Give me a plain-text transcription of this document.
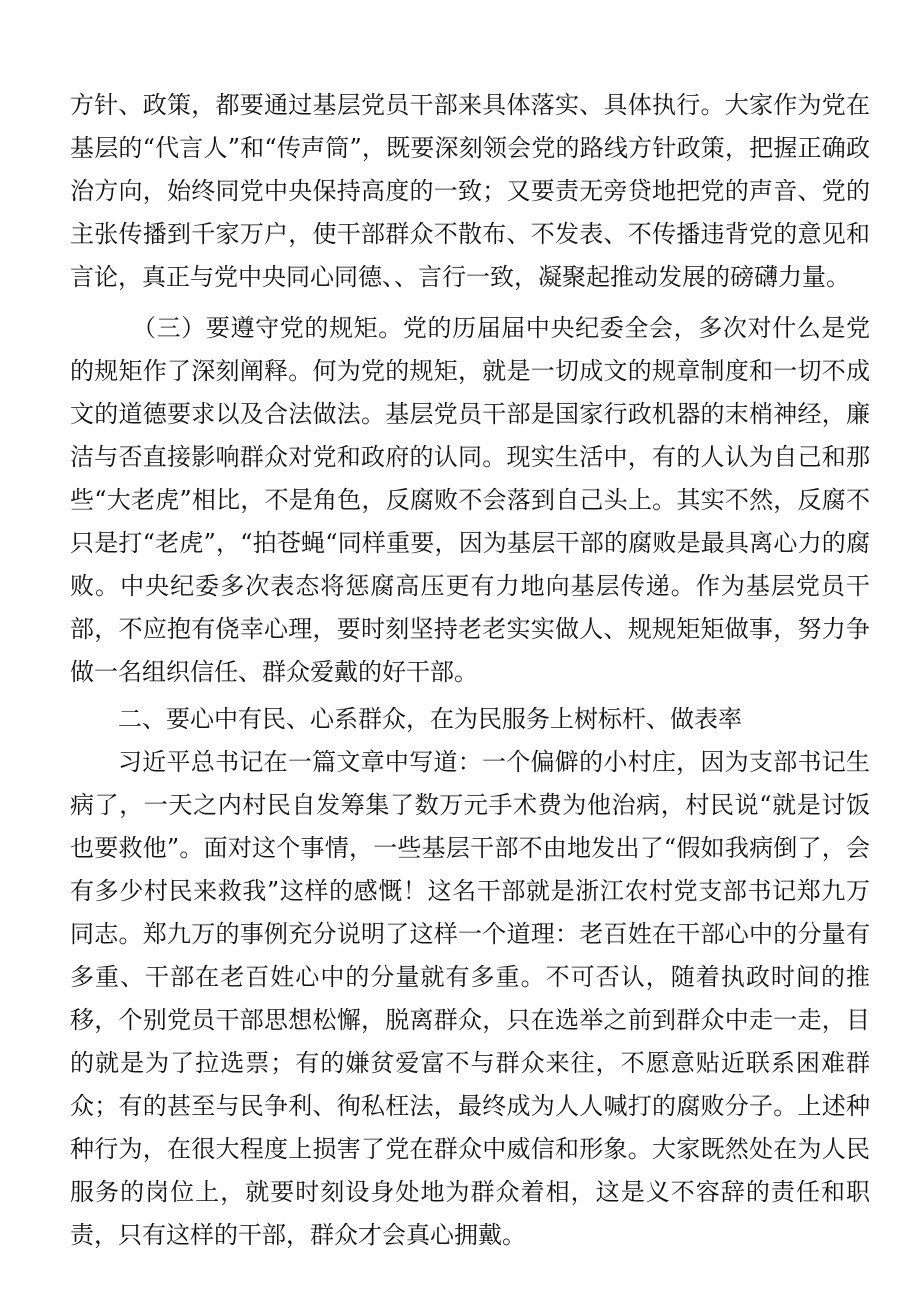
方针、政策，都要通过基层党员干部来具体落实、具体执行。大家作为党在基层的“代言人”和“传声筒”，既要深刻领会党的路线方针政策，把握正确政治方向，始终同党中央保持高度的一致；又要责无旁贷地把党的声音、党的主张传播到千家万户，使干部群众不散布、不发表、不传播违背党的意见和言论，真正与党中央同心同德、、言行一致，凝聚起推动发展的磅礴力量。

（三）要遵守党的规矩。党的历届届中央纪委全会，多次对什么是党的规矩作了深刻阐释。何为党的规矩，就是一切成文的规章制度和一切不成文的道德要求以及合法做法。基层党员干部是国家行政机器的末梢神经，廉洁与否直接影响群众对党和政府的认同。现实生活中，有的人认为自己和那些“大老虎”相比，不是角色，反腐败不会落到自己头上。其实不然，反腐不只是打“老虎”，“拍苍蝇“同样重要，因为基层干部的腐败是最具离心力的腐败。中央纪委多次表态将惩腐高压更有力地向基层传递。作为基层党员干部，不应抱有侥幸心理，要时刻坚持老老实实做人、规规矩矩做事，努力争做一名组织信任、群众爱戴的好干部。

二、要心中有民、心系群众，在为民服务上树标杆、做表率

习近平总书记在一篇文章中写道：一个偏僻的小村庄，因为支部书记生病了，一天之内村民自发筹集了数万元手术费为他治病，村民说“就是讨饭也要救他”。面对这个事情，一些基层干部不由地发出了“假如我病倒了，会有多少村民来救我”这样的感慨！这名干部就是浙江农村党支部书记郑九万同志。郑九万的事例充分说明了这样一个道理：老百姓在干部心中的分量有多重、干部在老百姓心中的分量就有多重。不可否认，随着执政时间的推移，个别党员干部思想松懈，脱离群众，只在选举之前到群众中走一走，目的就是为了拉选票；有的嫌贫爱富不与群众来往，不愿意贴近联系困难群众；有的甚至与民争利、徇私枉法，最终成为人人喊打的腐败分子。上述种种行为，在很大程度上损害了党在群众中威信和形象。大家既然处在为人民服务的岗位上，就要时刻设身处地为群众着相，这是义不容辞的责任和职责，只有这样的干部，群众才会真心拥戴。
